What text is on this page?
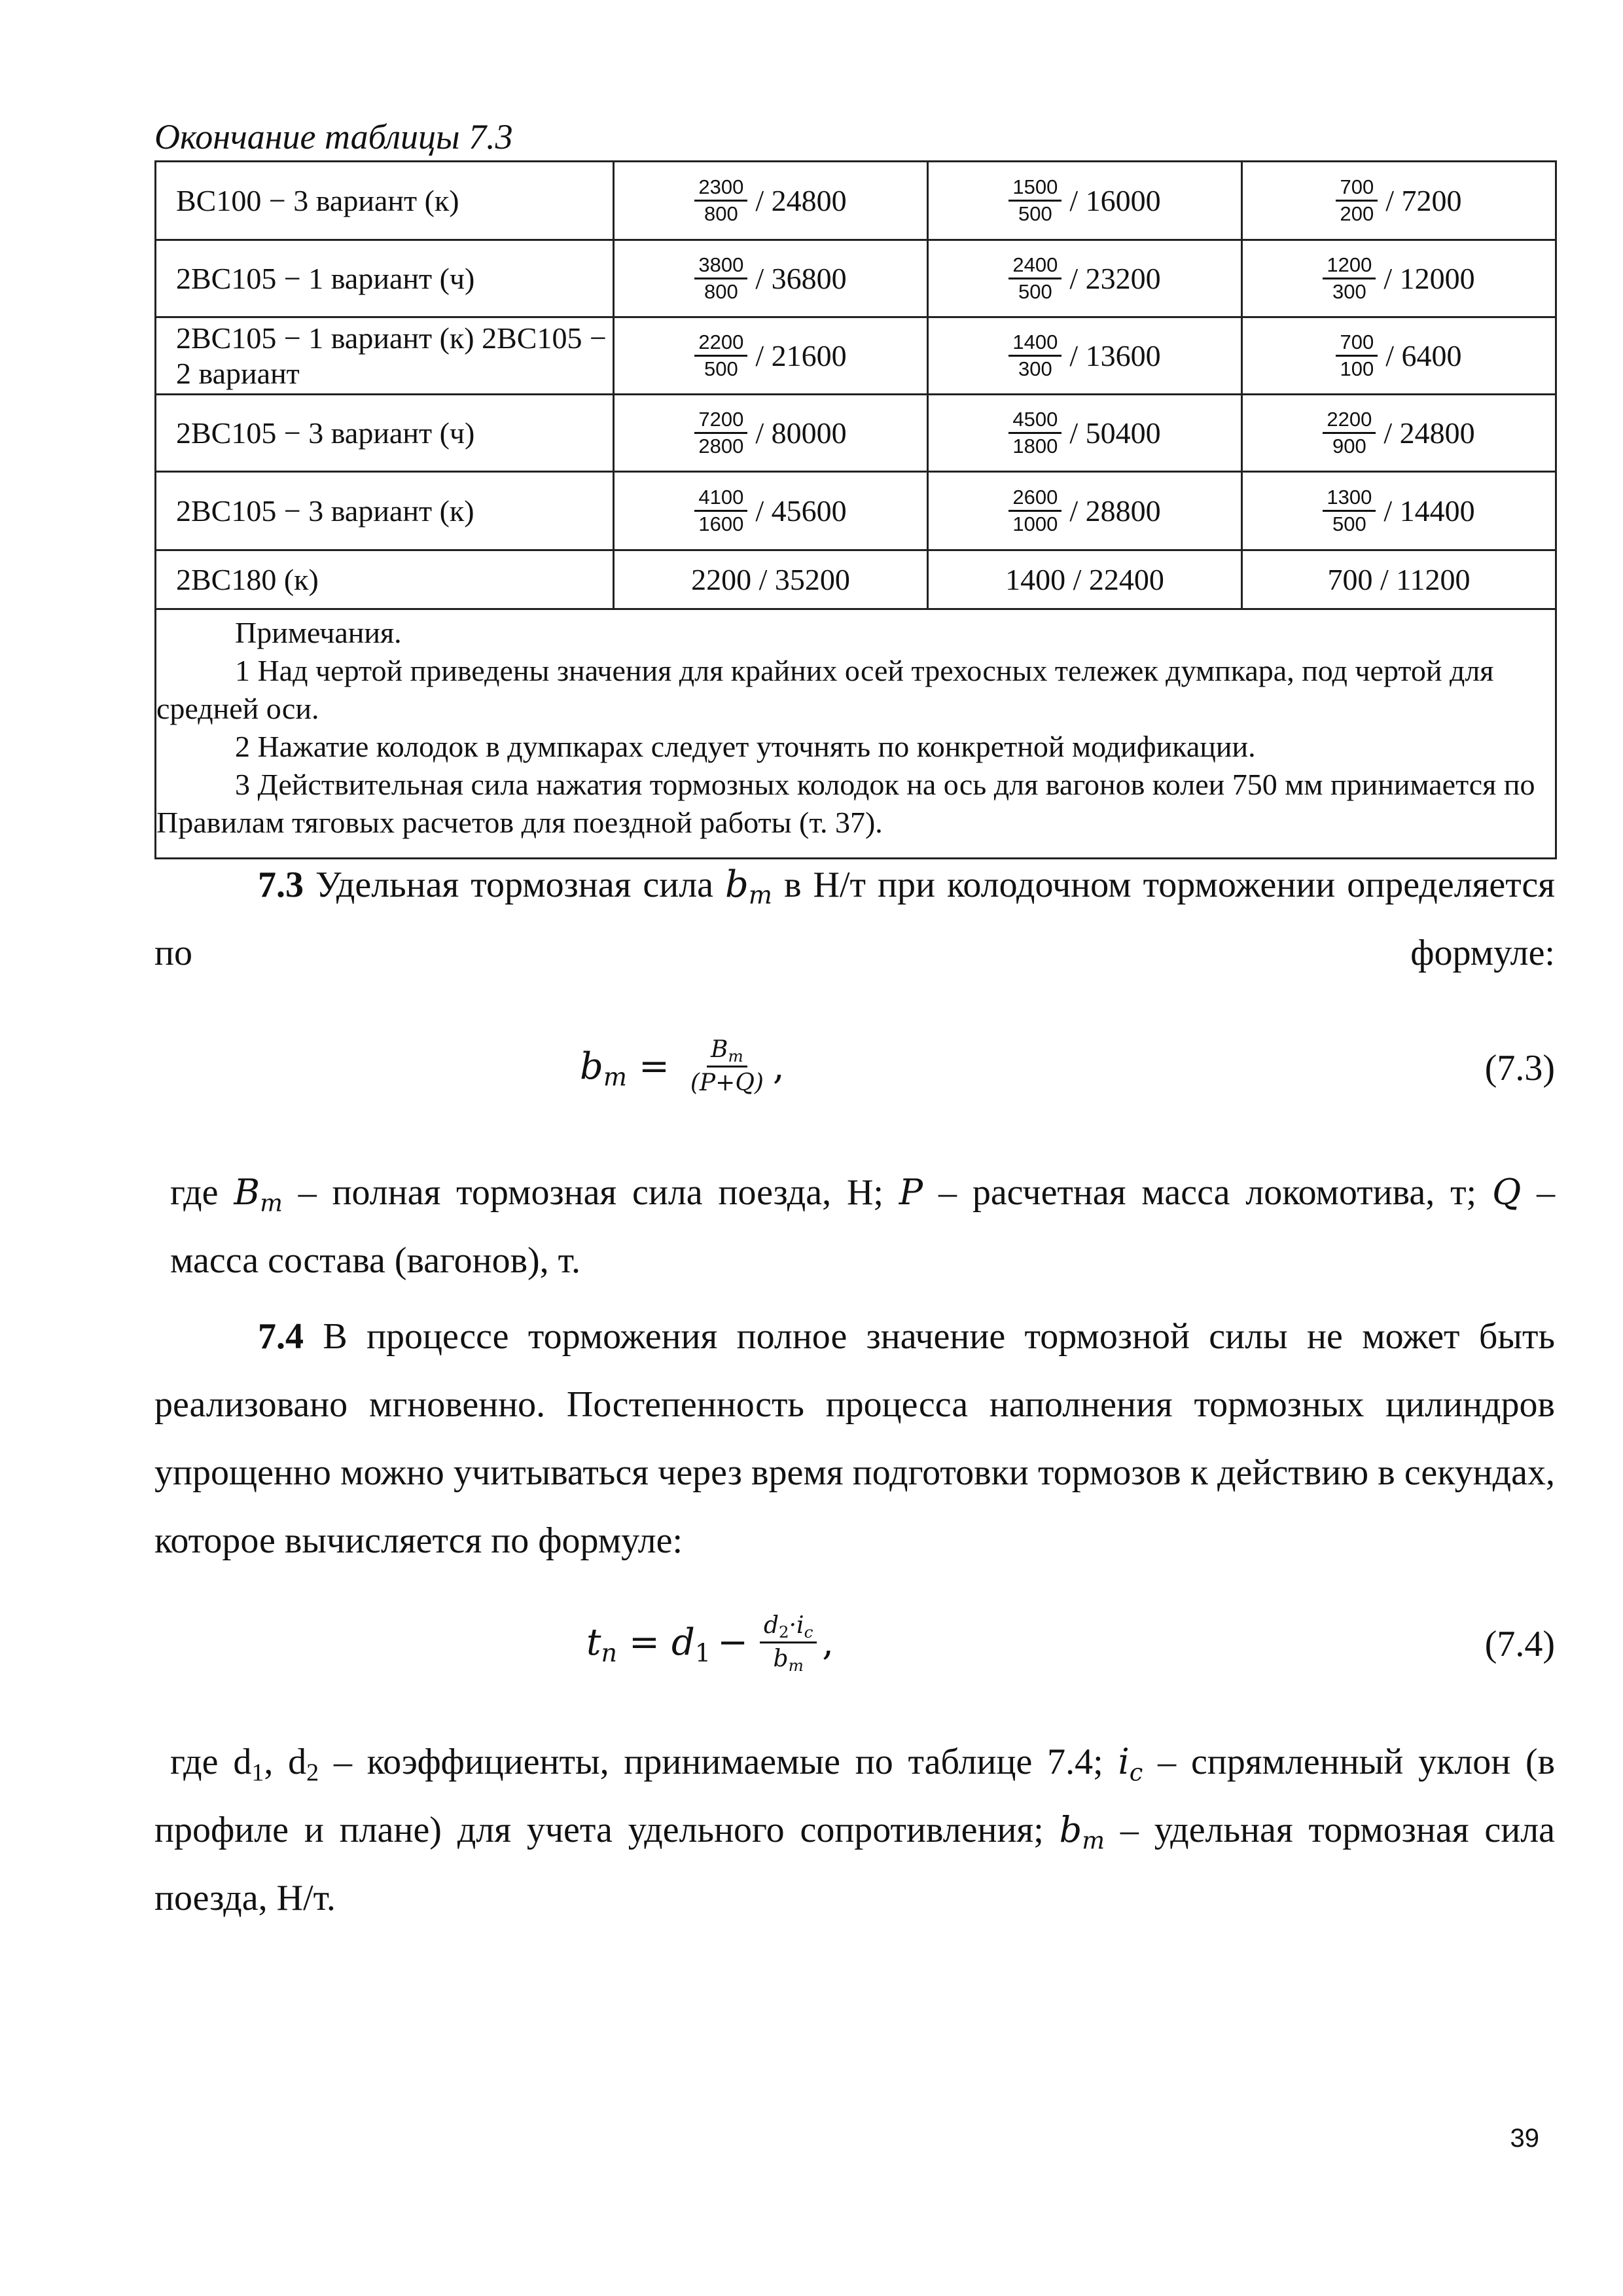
Окончание таблицы 7.3
ВС100 − 3 вариант (к)	$\frac{2300}{800} / 24800$	$\frac{1500}{500} / 16000$	$\frac{700}{200} / 7200$
2ВС105 − 1 вариант (ч)	$\frac{3800}{800} / 36800$	$\frac{2400}{500} / 23200$	$\frac{1200}{300} / 12000$
2ВС105 − 1 вариант (к) 2ВС105 − 2 вариант	$\frac{2200}{500} / 21600$	$\frac{1400}{300} / 13600$	$\frac{700}{100} / 6400$
2ВС105 − 3 вариант (ч)	$\frac{7200}{2800} / 80000$	$\frac{4500}{1800} / 50400$	$\frac{2200}{900} / 24800$
2ВС105 − 3 вариант (к)	$\frac{4100}{1600} / 45600$	$\frac{2600}{1000} / 28800$	$\frac{1300}{500} / 14400$
2ВС180 (к)	2200 / 35200	1400 / 22400	700 / 11200

Примечания.
1 Над чертой приведены значения для крайних осей трехосных тележек думпкара, под чертой для средней оси.
2 Нажатие колодок в думпкарах следует уточнять по конкретной модификации.
3 Действительная сила нажатия тормозных колодок на ось для вагонов колеи 750 мм принимается по Правилам тяговых расчетов для поездной работы (т. 37).			
7.3 Удельная тормозная сила $b_m$ в Н/т при колодочном торможении определяется по формуле:
$b_m = \frac{B_m}{(P+Q)}$ ,	(7.3)
где $B_m$ – полная тормозная сила поезда, Н; P – расчетная масса локомотива, т; Q –
масса состава (вагонов), т.
7.4 В процессе торможения полное значение тормозной силы не может быть реализовано мгновенно. Постепенность процесса наполнения тормозных цилиндров упрощенно можно учитываться через время подготовки тормозов к действию в секундах, которое вычисляется по формуле:
$t_n = d_1 - \frac{d_2\cdot i_c}{b_m}$ ,	(7.4)
где $d_1$, $d_2$ – коэффициенты, принимаемые по таблице 7.4; $i_c$ – спрямленный уклон (в профиле и плане) для учета удельного сопротивления; $b_m$ – удельная тормозная сила поезда, Н/т.
39
